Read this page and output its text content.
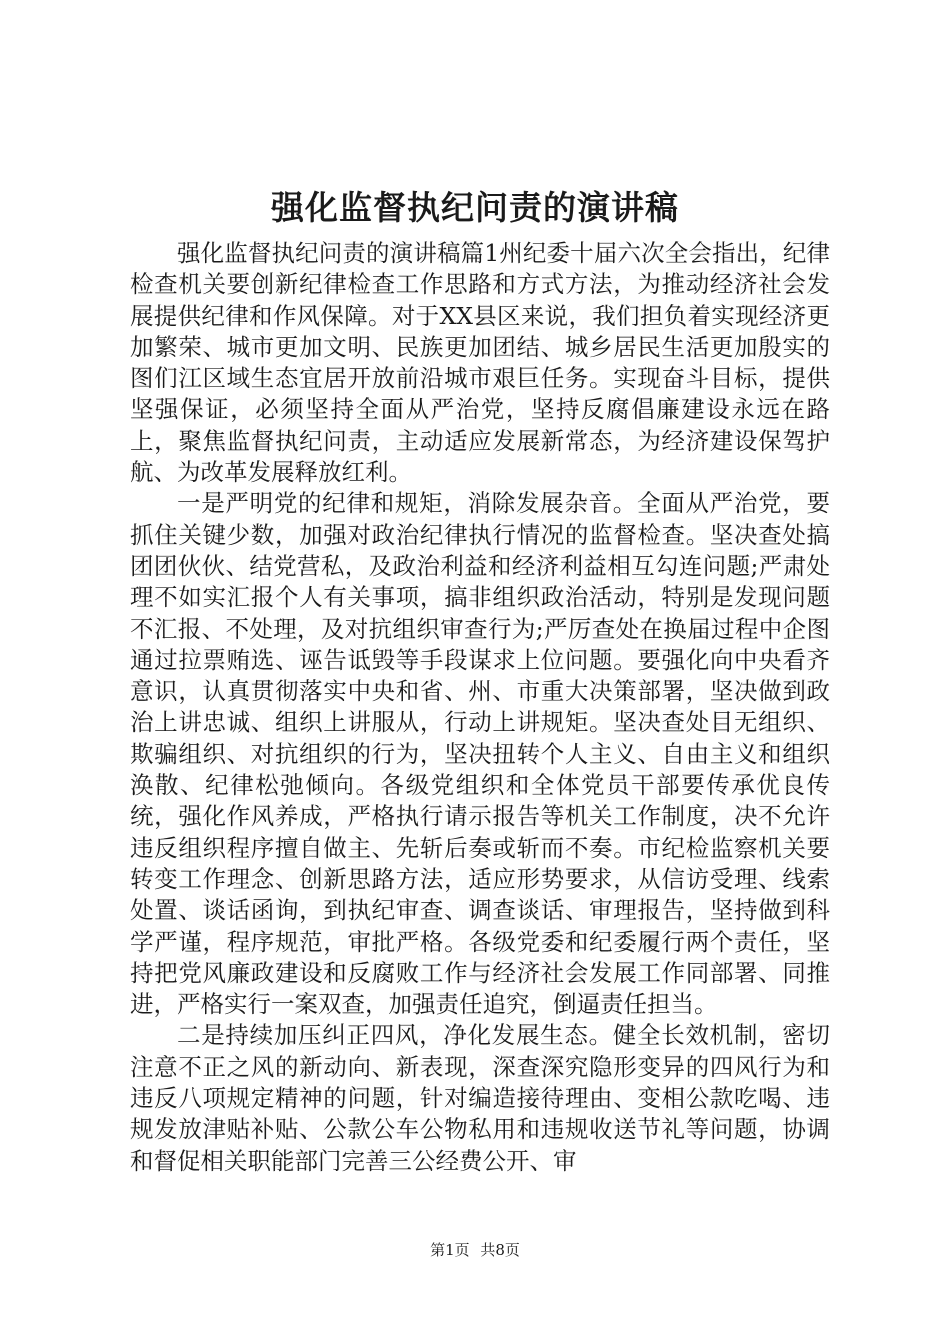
强化监督执纪问责的演讲稿

强化监督执纪问责的演讲稿篇1州纪委十届六次全会指出，纪律检查机关要创新纪律检查工作思路和方式方法，为推动经济社会发展提供纪律和作风保障。对于XX县区来说，我们担负着实现经济更加繁荣、城市更加文明、民族更加团结、城乡居民生活更加殷实的图们江区域生态宜居开放前沿城市艰巨任务。实现奋斗目标，提供坚强保证，必须坚持全面从严治党，坚持反腐倡廉建设永远在路上，聚焦监督执纪问责，主动适应发展新常态，为经济建设保驾护航、为改革发展释放红利。

一是严明党的纪律和规矩，消除发展杂音。全面从严治党，要抓住关键少数，加强对政治纪律执行情况的监督检查。坚决查处搞团团伙伙、结党营私，及政治利益和经济利益相互勾连问题;严肃处理不如实汇报个人有关事项，搞非组织政治活动，特别是发现问题不汇报、不处理，及对抗组织审查行为;严厉查处在换届过程中企图通过拉票贿选、诬告诋毁等手段谋求上位问题。要强化向中央看齐意识，认真贯彻落实中央和省、州、市重大决策部署，坚决做到政治上讲忠诚、组织上讲服从，行动上讲规矩。坚决查处目无组织、欺骗组织、对抗组织的行为，坚决扭转个人主义、自由主义和组织涣散、纪律松弛倾向。各级党组织和全体党员干部要传承优良传统，强化作风养成，严格执行请示报告等机关工作制度，决不允许违反组织程序擅自做主、先斩后奏或斩而不奏。市纪检监察机关要转变工作理念、创新思路方法，适应形势要求，从信访受理、线索处置、谈话函询，到执纪审查、调查谈话、审理报告，坚持做到科学严谨，程序规范，审批严格。各级党委和纪委履行两个责任，坚持把党风廉政建设和反腐败工作与经济社会发展工作同部署、同推进，严格实行一案双查，加强责任追究，倒逼责任担当。

二是持续加压纠正四风，净化发展生态。健全长效机制，密切注意不正之风的新动向、新表现，深查深究隐形变异的四风行为和违反八项规定精神的问题，针对编造接待理由、变相公款吃喝、违规发放津贴补贴、公款公车公物私用和违规收送节礼等问题，协调和督促相关职能部门完善三公经费公开、审

第1页 共8页
